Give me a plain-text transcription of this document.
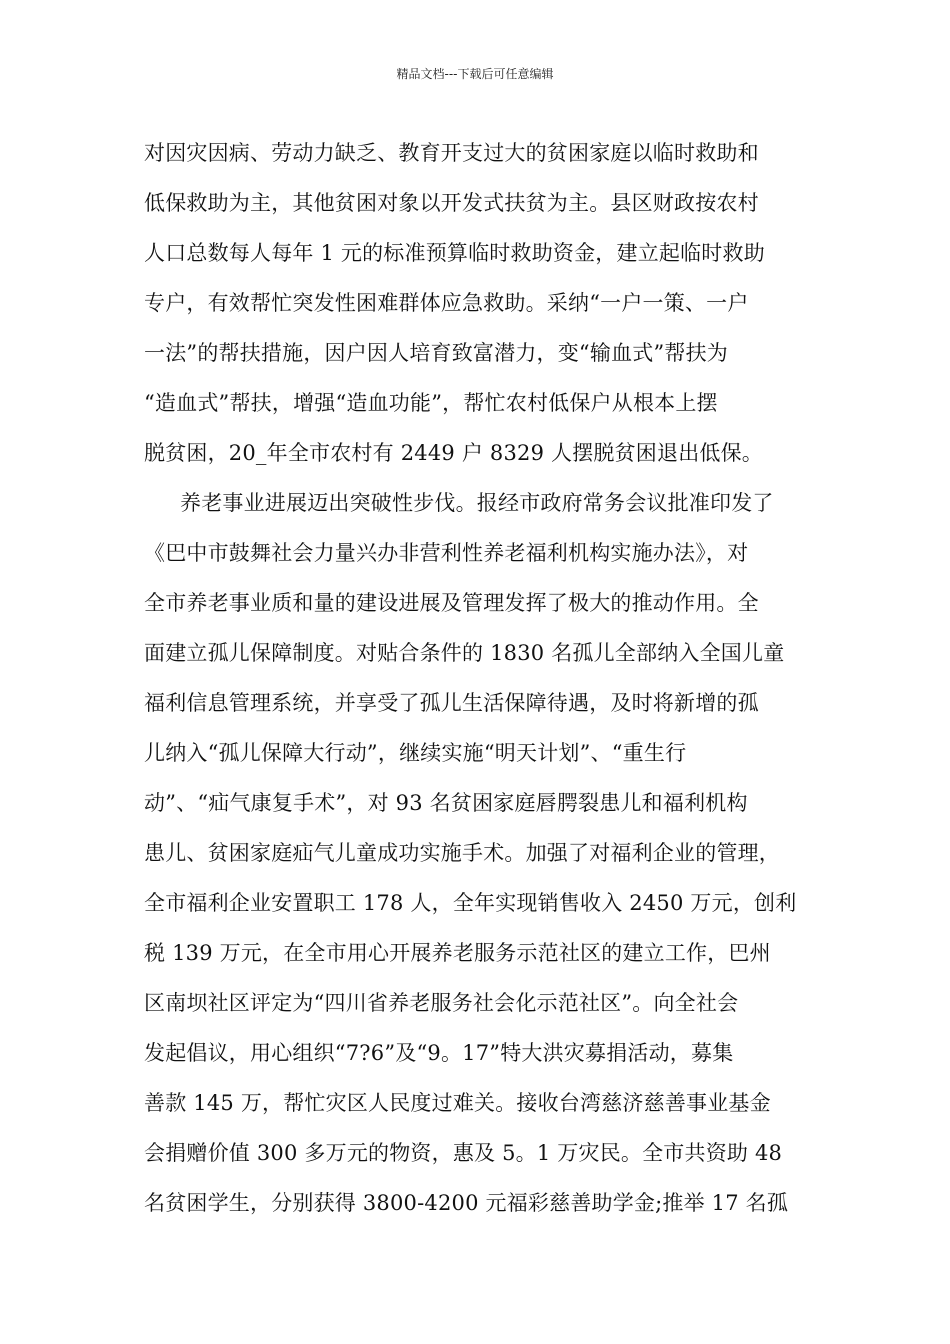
精品文档---下载后可任意编辑
对因灾因病、劳动力缺乏、教育开支过大的贫困家庭以临时救助和
低保救助为主，其他贫困对象以开发式扶贫为主。县区财政按农村
人口总数每人每年 1 元的标准预算临时救助资金，建立起临时救助
专户，有效帮忙突发性困难群体应急救助。采纳“一户一策、一户
一法”的帮扶措施，因户因人培育致富潜力，变“输血式”帮扶为
“造血式”帮扶，增强“造血功能”，帮忙农村低保户从根本上摆
脱贫困，20_年全市农村有 2449 户 8329 人摆脱贫困退出低保。
养老事业进展迈出突破性步伐。报经市政府常务会议批准印发了
《巴中市鼓舞社会力量兴办非营利性养老福利机构实施办法》，对
全市养老事业质和量的建设进展及管理发挥了极大的推动作用。全
面建立孤儿保障制度。对贴合条件的 1830 名孤儿全部纳入全国儿童
福利信息管理系统，并享受了孤儿生活保障待遇，及时将新增的孤
儿纳入“孤儿保障大行动”，继续实施“明天计划”、“重生行
动”、“疝气康复手术”，对 93 名贫困家庭唇腭裂患儿和福利机构
患儿、贫困家庭疝气儿童成功实施手术。加强了对福利企业的管理，
全市福利企业安置职工 178 人，全年实现销售收入 2450 万元，创利
税 139 万元，在全市用心开展养老服务示范社区的建立工作，巴州
区南坝社区评定为“四川省养老服务社会化示范社区”。向全社会
发起倡议，用心组织“7?6”及“9。17”特大洪灾募捐活动，募集
善款 145 万，帮忙灾区人民度过难关。接收台湾慈济慈善事业基金
会捐赠价值 300 多万元的物资，惠及 5。1 万灾民。全市共资助 48
名贫困学生，分别获得 3800-4200 元福彩慈善助学金;推举 17 名孤
